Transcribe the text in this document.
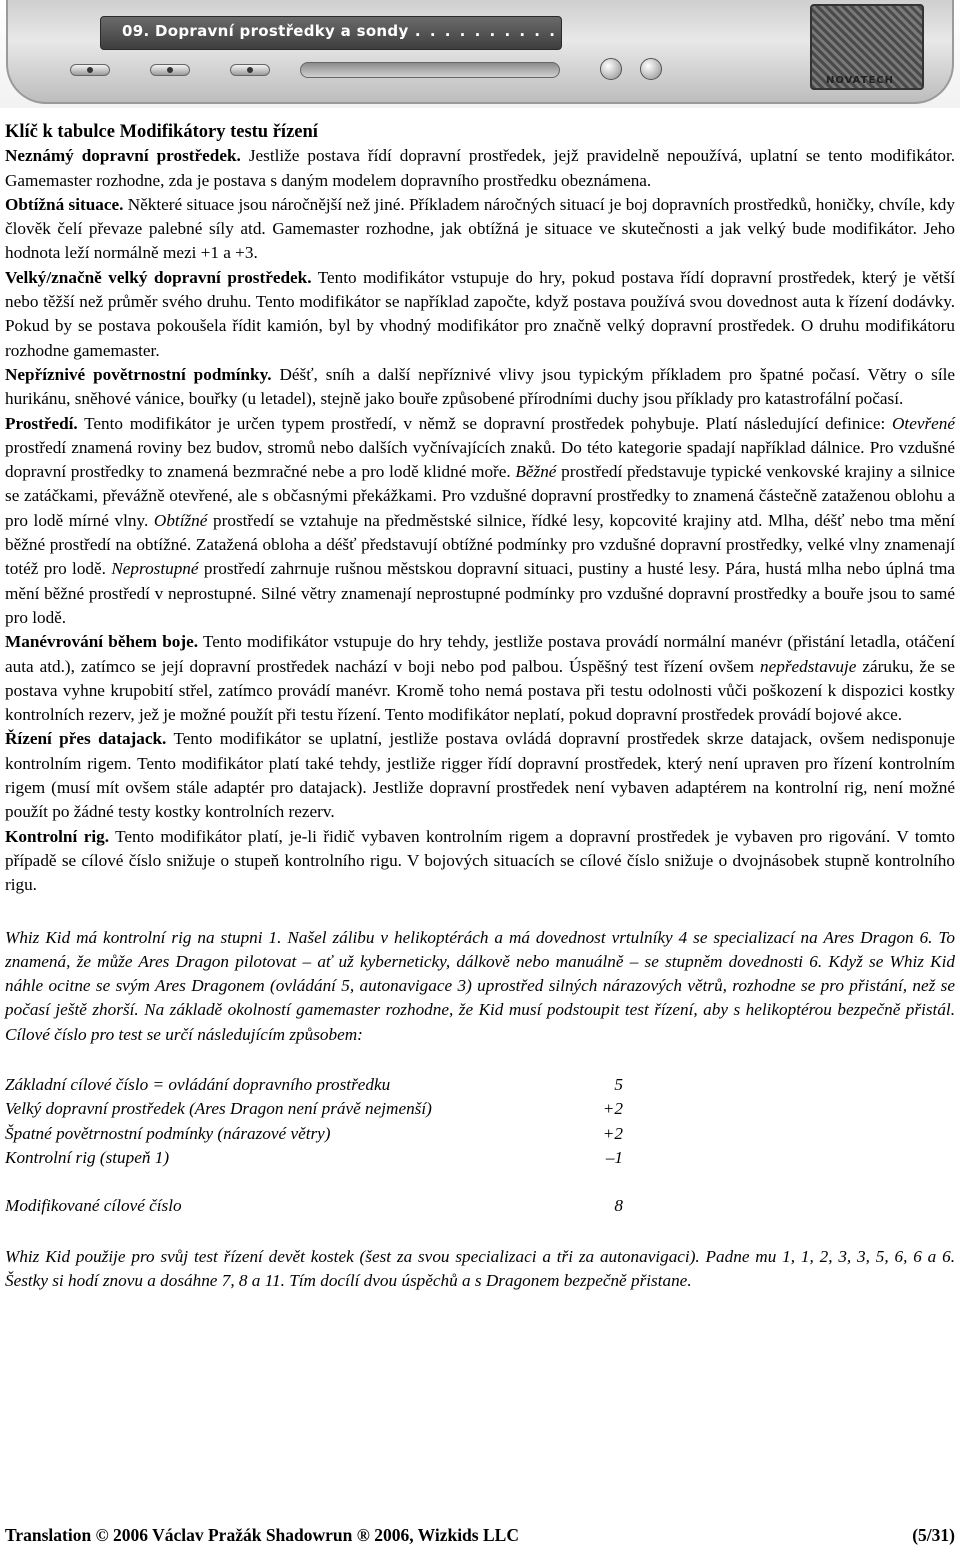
09. Dopravní prostředky a sondy
. . . . . . . . . . .
NOVATECH
Klíč k tabulce Modifikátory testu řízení

Neznámý dopravní prostředek. Jestliže postava řídí dopravní prostředek, jejž pravidelně nepoužívá, uplatní se tento modifikátor. Gamemaster rozhodne, zda je postava s daným modelem dopravního prostředku obeznámena.

Obtížná situace. Některé situace jsou náročnější než jiné. Příkladem náročných situací je boj dopravních prostředků, honičky, chvíle, kdy člověk čelí převaze palebné síly atd. Gamemaster rozhodne, jak obtížná je situace ve skutečnosti a jak velký bude modifikátor. Jeho hodnota leží normálně mezi +1 a +3.

Velký/značně velký dopravní prostředek. Tento modifikátor vstupuje do hry, pokud postava řídí dopravní prostředek, který je větší nebo těžší než průměr svého druhu. Tento modifikátor se například započte, když postava používá svou dovednost auta k řízení dodávky. Pokud by se postava pokoušela řídit kamión, byl by vhodný modifikátor pro značně velký dopravní prostředek. O druhu modifikátoru rozhodne gamemaster.

Nepříznivé povětrnostní podmínky. Déšť, sníh a další nepříznivé vlivy jsou typickým příkladem pro špatné počasí. Větry o síle hurikánu, sněhové vánice, bouřky (u letadel), stejně jako bouře způsobené přírodními duchy jsou příklady pro katastrofální počasí.

Prostředí. Tento modifikátor je určen typem prostředí, v němž se dopravní prostředek pohybuje. Platí následující definice: Otevřené prostředí znamená roviny bez budov, stromů nebo dalších vyčnívajících znaků. Do této kategorie spadají například dálnice. Pro vzdušné dopravní prostředky to znamená bezmračné nebe a pro lodě klidné moře. Běžné prostředí představuje typické venkovské krajiny a silnice se zatáčkami, převážně otevřené, ale s občasnými překážkami. Pro vzdušné dopravní prostředky to znamená částečně zataženou oblohu a pro lodě mírné vlny. Obtížné prostředí se vztahuje na předměstské silnice, řídké lesy, kopcovité krajiny atd. Mlha, déšť nebo tma mění běžné prostředí na obtížné. Zatažená obloha a déšť představují obtížné podmínky pro vzdušné dopravní prostředky, velké vlny znamenají totéž pro lodě. Neprostupné prostředí zahrnuje rušnou městskou dopravní situaci, pustiny a husté lesy. Pára, hustá mlha nebo úplná tma mění běžné prostředí v neprostupné. Silné větry znamenají neprostupné podmínky pro vzdušné dopravní prostředky a bouře jsou to samé pro lodě.

Manévrování během boje. Tento modifikátor vstupuje do hry tehdy, jestliže postava provádí normální manévr (přistání letadla, otáčení auta atd.), zatímco se její dopravní prostředek nachází v boji nebo pod palbou. Úspěšný test řízení ovšem nepředstavuje záruku, že se postava vyhne krupobití střel, zatímco provádí manévr. Kromě toho nemá postava při testu odolnosti vůči poškození k dispozici kostky kontrolních rezerv, jež je možné použít při testu řízení. Tento modifikátor neplatí, pokud dopravní prostředek provádí bojové akce.

Řízení přes datajack. Tento modifikátor se uplatní, jestliže postava ovládá dopravní prostředek skrze datajack, ovšem nedisponuje kontrolním rigem. Tento modifikátor platí také tehdy, jestliže rigger řídí dopravní prostředek, který není upraven pro řízení kontrolním rigem (musí mít ovšem stále adaptér pro datajack). Jestliže dopravní prostředek není vybaven adaptérem na kontrolní rig, není možné použít po žádné testy kostky kontrolních rezerv.

Kontrolní rig. Tento modifikátor platí, je-li řidič vybaven kontrolním rigem a dopravní prostředek je vybaven pro rigování. V tomto případě se cílové číslo snižuje o stupeň kontrolního rigu. V bojových situacích se cílové číslo snižuje o dvojnásobek stupně kontrolního rigu.

Whiz Kid má kontrolní rig na stupni 1. Našel zálibu v helikoptérách a má dovednost vrtulníky 4 se specializací na Ares Dragon 6. To znamená, že může Ares Dragon pilotovat – ať už kyberneticky, dálkově nebo manuálně – se stupněm dovednosti 6. Když se Whiz Kid náhle ocitne se svým Ares Dragonem (ovládání 5, autonavigace 3) uprostřed silných nárazových větrů, rozhodne se pro přistání, než se počasí ještě zhorší. Na základě okolností gamemaster rozhodne, že Kid musí podstoupit test řízení, aby s helikoptérou bezpečně přistál. Cílové číslo pro test se určí následujícím způsobem:

Základní cílové číslo = ovládání dopravního prostředku	5
Velký dopravní prostředek (Ares Dragon není právě nejmenší)	+2
Špatné povětrnostní podmínky (nárazové větry)	+2
Kontrolní rig (stupeň 1)	–1

Modifikované cílové číslo	8

Whiz Kid použije pro svůj test řízení devět kostek (šest za svou specializaci a tři za autonavigaci). Padne mu 1, 1, 2, 3, 3, 5, 6, 6 a 6. Šestky si hodí znovu a dosáhne 7, 8 a 11. Tím docílí dvou úspěchů a s Dragonem bezpečně přistane.

Translation © 2006 Václav Pražák Shadowrun ® 2006, Wizkids LLC	(5/31)
